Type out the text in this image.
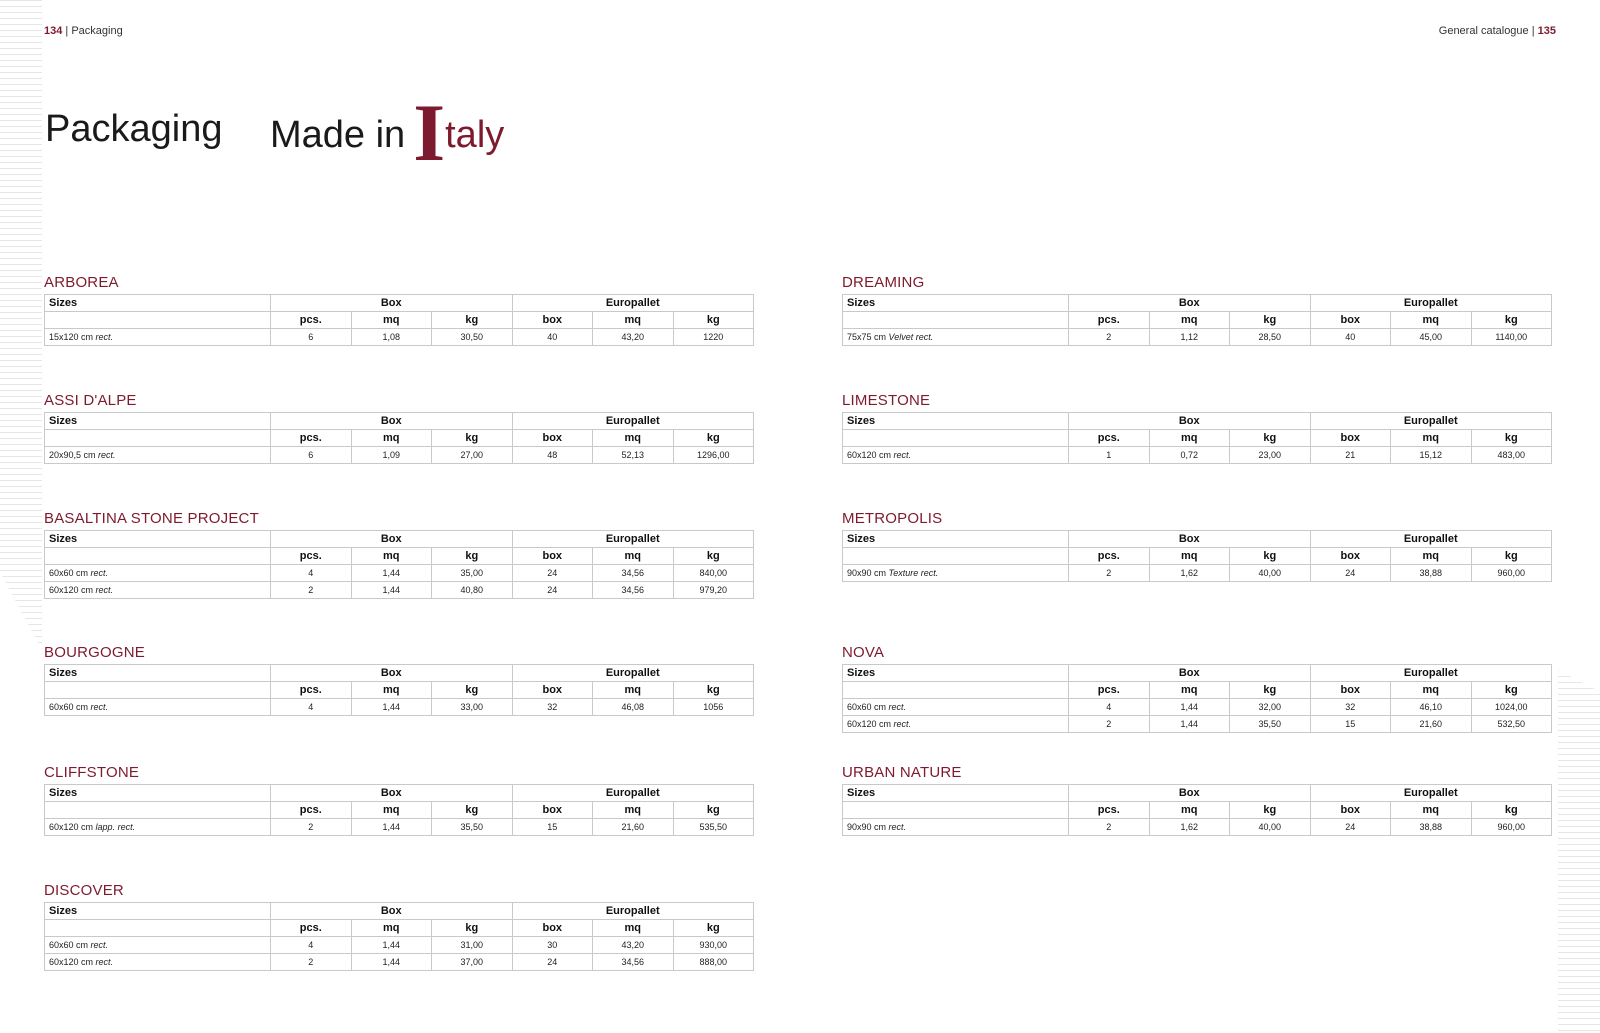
134 | Packaging	General catalogue | 135
Packaging Made in I taly
ARBOREA
Sizes	Box			Europallet		
	pcs.	mq	kg	box	mq	kg
15x120 cm rect.	6	1,08	30,50	40	43,20	1220
ASSI D'ALPE
Sizes	Box			Europallet		
	pcs.	mq	kg	box	mq	kg
20x90,5 cm rect.	6	1,09	27,00	48	52,13	1296,00
BASALTINA STONE PROJECT
Sizes	Box			Europallet		
	pcs.	mq	kg	box	mq	kg
60x60 cm rect.	4	1,44	35,00	24	34,56	840,00
60x120 cm rect.	2	1,44	40,80	24	34,56	979,20
BOURGOGNE
Sizes	Box			Europallet		
	pcs.	mq	kg	box	mq	kg
60x60 cm rect.	4	1,44	33,00	32	46,08	1056
CLIFFSTONE
Sizes	Box			Europallet		
	pcs.	mq	kg	box	mq	kg
60x120 cm lapp. rect.	2	1,44	35,50	15	21,60	535,50
DISCOVER
Sizes	Box			Europallet		
	pcs.	mq	kg	box	mq	kg
60x60 cm rect.	4	1,44	31,00	30	43,20	930,00
60x120 cm rect.	2	1,44	37,00	24	34,56	888,00
DREAMING
Sizes	Box			Europallet		
	pcs.	mq	kg	box	mq	kg
75x75 cm Velvet rect.	2	1,12	28,50	40	45,00	1140,00
LIMESTONE
Sizes	Box			Europallet		
	pcs.	mq	kg	box	mq	kg
60x120 cm rect.	1	0,72	23,00	21	15,12	483,00
METROPOLIS
Sizes	Box			Europallet		
	pcs.	mq	kg	box	mq	kg
90x90 cm Texture rect.	2	1,62	40,00	24	38,88	960,00
NOVA
Sizes	Box			Europallet		
	pcs.	mq	kg	box	mq	kg
60x60 cm rect.	4	1,44	32,00	32	46,10	1024,00
60x120 cm rect.	2	1,44	35,50	15	21,60	532,50
URBAN NATURE
Sizes	Box			Europallet		
	pcs.	mq	kg	box	mq	kg
90x90 cm rect.	2	1,62	40,00	24	38,88	960,00
